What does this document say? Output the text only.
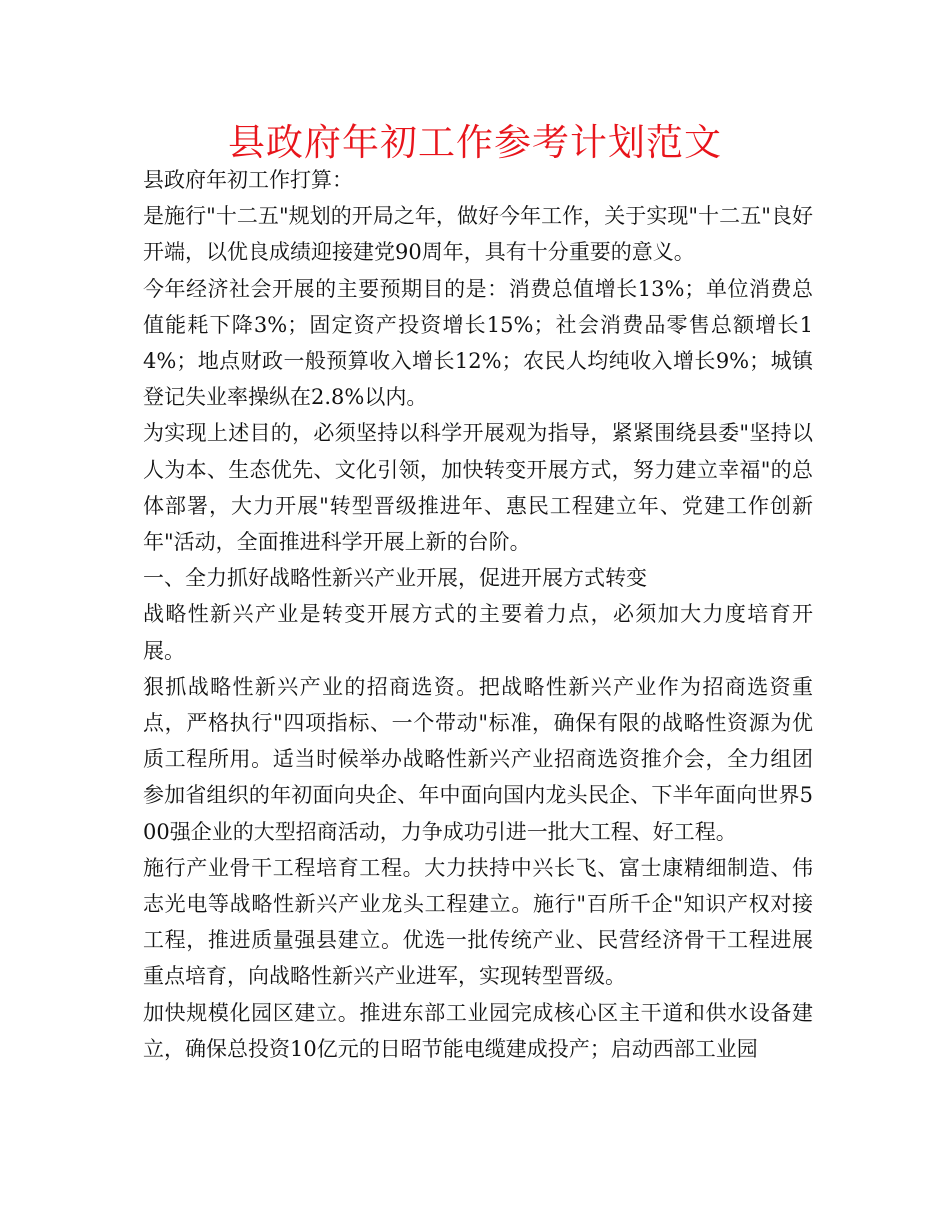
县政府年初工作参考计划范文

县政府年初工作打算：

是施行"十二五"规划的开局之年，做好今年工作，关于实现"十二五"良好开端，以优良成绩迎接建党90周年，具有十分重要的意义。

今年经济社会开展的主要预期目的是：消费总值增长13%；单位消费总值能耗下降3%；固定资产投资增长15%；社会消费品零售总额增长14%；地点财政一般预算收入增长12%；农民人均纯收入增长9%；城镇登记失业率操纵在2.8%以内。

为实现上述目的，必须坚持以科学开展观为指导，紧紧围绕县委"坚持以人为本、生态优先、文化引领，加快转变开展方式，努力建立幸福"的总体部署，大力开展"转型晋级推进年、惠民工程建立年、党建工作创新年"活动，全面推进科学开展上新的台阶。

一、全力抓好战略性新兴产业开展，促进开展方式转变

战略性新兴产业是转变开展方式的主要着力点，必须加大力度培育开展。

狠抓战略性新兴产业的招商选资。把战略性新兴产业作为招商选资重点，严格执行"四项指标、一个带动"标准，确保有限的战略性资源为优质工程所用。适当时候举办战略性新兴产业招商选资推介会，全力组团参加省组织的年初面向央企、年中面向国内龙头民企、下半年面向世界500强企业的大型招商活动，力争成功引进一批大工程、好工程。

施行产业骨干工程培育工程。大力扶持中兴长飞、富士康精细制造、伟志光电等战略性新兴产业龙头工程建立。施行"百所千企"知识产权对接工程，推进质量强县建立。优选一批传统产业、民营经济骨干工程进展重点培育，向战略性新兴产业进军，实现转型晋级。

加快规模化园区建立。推进东部工业园完成核心区主干道和供水设备建立，确保总投资10亿元的日昭节能电缆建成投产；启动西部工业园
